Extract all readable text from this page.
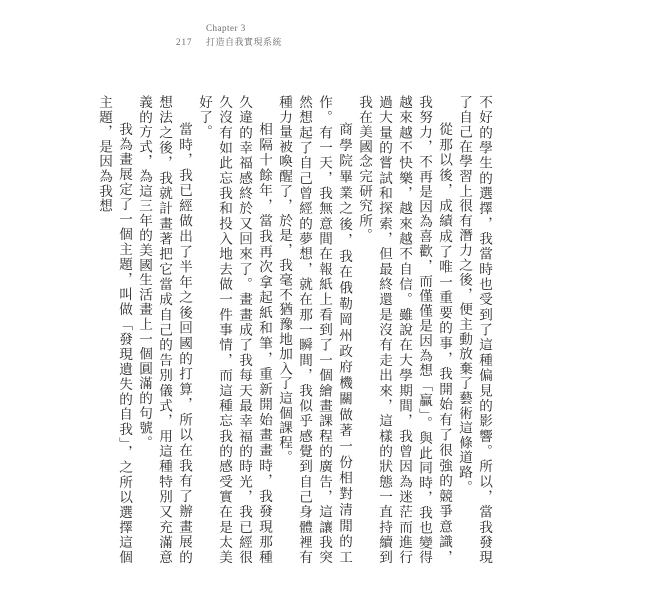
Chapter 3
217 打造自我實現系統

不好的學生的選擇，我當時也受到了這種偏見的影響。所以，當我發現了自己在學習上很有潛力之後，便主動放棄了藝術這條道路。

從那以後，成績成了唯一重要的事，我開始有了很強的競爭意識，我努力，不再是因為喜歡，而僅僅是因為想「贏」。與此同時，我也變得越來越不快樂，越來越不自信。雖說在大學期間，我曾因為迷茫而進行過大量的嘗試和探索，但最終還是沒有走出來，這樣的狀態一直持續到我在美國念完研究所。

商學院畢業之後，我在俄勒岡州政府機關做著一份相對清閒的工作。有一天，我無意間在報紙上看到了一個繪畫課程的廣告，這讓我突然想起了自己曾經的夢想，就在那一瞬間，我似乎感覺到自己身體裡有種力量被喚醒了，於是，我毫不猶豫地加入了這個課程。

相隔十餘年，當我再次拿起紙和筆，重新開始畫畫時，我發現那種久違的幸福感終於又回來了。畫畫成了我每天最幸福的時光，我已經很久沒有如此忘我和投入地去做一件事情，而這種忘我的感受實在是太美好了。

當時，我已經做出了半年之後回國的打算，所以在我有了辦畫展的想法之後，我就計畫著把它當成自己的告別儀式，用這種特別又充滿意義的方式，為這三年的美國生活畫上一個圓滿的句號。

我為畫展定了一個主題，叫做「發現遺失的自我」，之所以選擇這個主題，是因為我想
